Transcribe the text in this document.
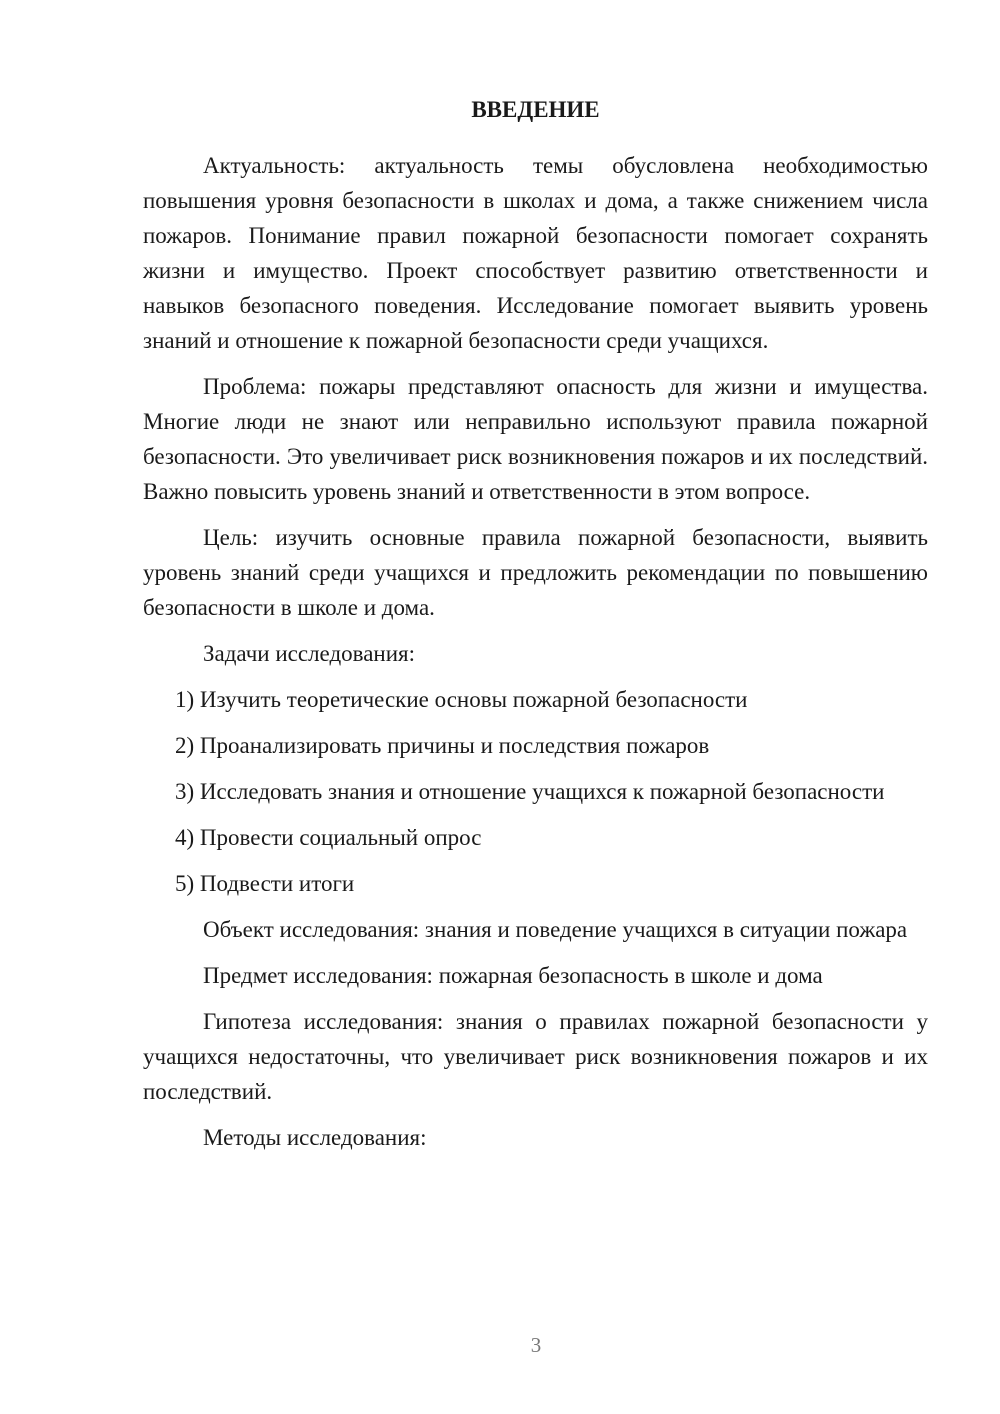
ВВЕДЕНИЕ

Актуальность: актуальность темы обусловлена необходимостью повышения уровня безопасности в школах и дома, а также снижением числа пожаров. Понимание правил пожарной безопасности помогает сохранять жизни и имущество. Проект способствует развитию ответственности и навыков безопасного поведения. Исследование помогает выявить уровень знаний и отношение к пожарной безопасности среди учащихся.

Проблема: пожары представляют опасность для жизни и имущества. Многие люди не знают или неправильно используют правила пожарной безопасности. Это увеличивает риск возникновения пожаров и их последствий. Важно повысить уровень знаний и ответственности в этом вопросе.

Цель: изучить основные правила пожарной безопасности, выявить уровень знаний среди учащихся и предложить рекомендации по повышению безопасности в школе и дома.

Задачи исследования:

1) Изучить теоретические основы пожарной безопасности

2) Проанализировать причины и последствия пожаров

3) Исследовать знания и отношение учащихся к пожарной безопасности

4) Провести социальный опрос

5) Подвести итоги

Объект исследования: знания и поведение учащихся в ситуации пожара

Предмет исследования: пожарная безопасность в школе и дома

Гипотеза исследования: знания о правилах пожарной безопасности у учащихся недостаточны, что увеличивает риск возникновения пожаров и их последствий.

Методы исследования:

3
